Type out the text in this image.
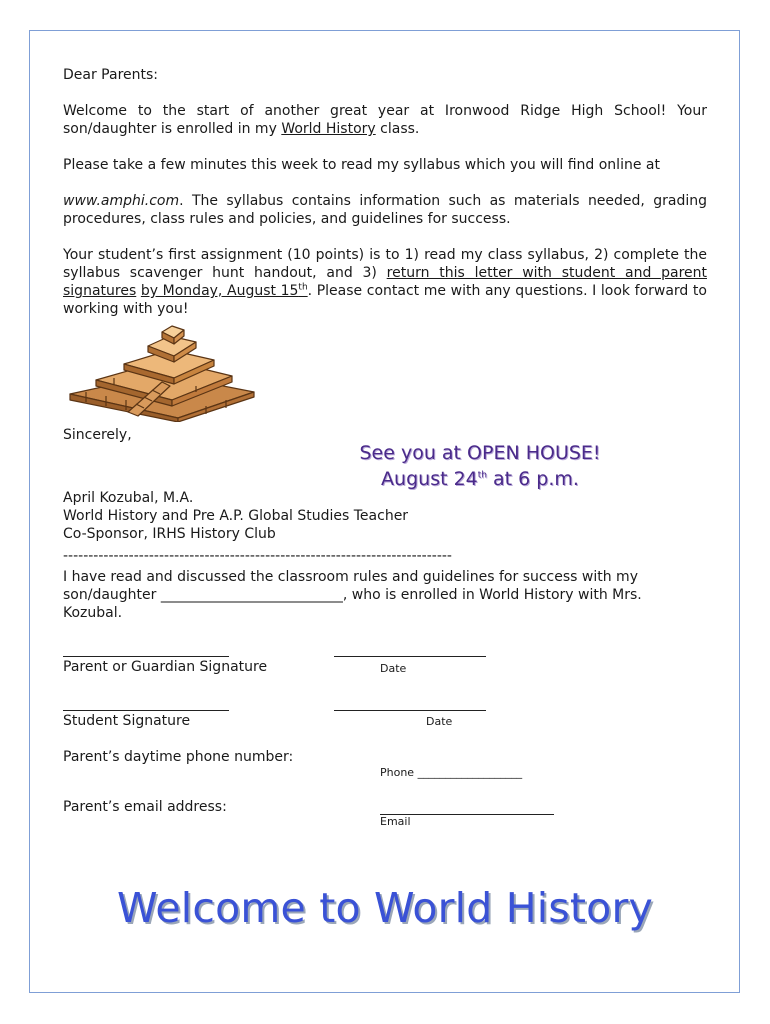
Dear Parents:
Welcome to the start of another great year at Ironwood Ridge High School! Your son/daughter is enrolled in my World History class.
Please take a few minutes this week to read my syllabus which you will find online at
www.amphi.com. The syllabus contains information such as materials needed, grading procedures, class rules and policies, and guidelines for success.
Your student’s first assignment (10 points) is to 1) read my class syllabus, 2) complete the syllabus scavenger hunt handout, and 3) return this letter with student and parent signatures by Monday, August 15th. Please contact me with any questions. I look forward to working with you!
Sincerely,
See you at OPEN HOUSE!
August 24th at 6 p.m.
April Kozubal, M.A.
World History and Pre A.P. Global Studies Teacher
Co-Sponsor, IRHS History Club
-----------------------------------------------------------------------------
I have read and discussed the classroom rules and guidelines for success with my son/daughter __________________________, who is enrolled in World History with Mrs. Kozubal.
Parent or Guardian Signature	Date
Student Signature	Date
Parent’s daytime phone number:
Phone ___________________
Parent’s email address:
Email
Welcome to World History
